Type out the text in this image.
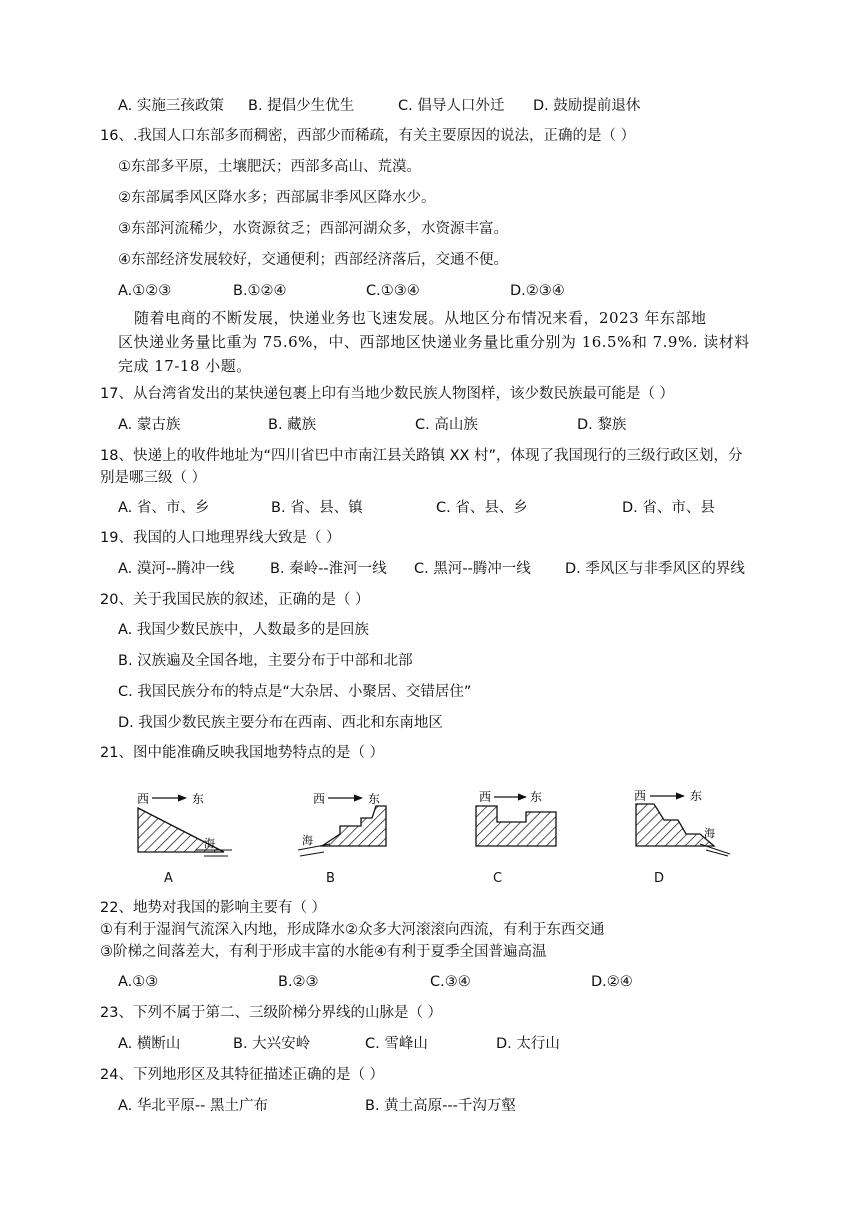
A. 实施三孩政策 B. 提倡少生优生	C. 倡导人口外迁 D. 鼓励提前退休
16、.我国人口东部多而稠密，西部少而稀疏，有关主要原因的说法，正确的是（ ）
①东部多平原，土壤肥沃；西部多高山、荒漠。
②东部属季风区降水多；西部属非季风区降水少。
③东部河流稀少，水资源贫乏；西部河湖众多，水资源丰富。
④东部经济发展较好，交通便利；西部经济落后，交通不便。
A.①②③	B.①②④	C.①③④	D.②③④
随着电商的不断发展，快递业务也飞速发展。从地区分布情况来看，2023 年东部地
区快递业务量比重为 75.6%，中、西部地区快递业务量比重分别为 16.5%和 7.9%. 读材料
完成 17-18 小题。
17、从台湾省发出的某快递包裹上印有当地少数民族人物图样，该少数民族最可能是（ ）
A. 蒙古族	B. 藏族	C. 高山族	D. 黎族
18、快递上的收件地址为“四川省巴中市南江县关路镇 XX 村”，体现了我国现行的三级行政区划，分
别是哪三级（ ）
A. 省、市、乡	B. 省、县、镇	C. 省、县、乡	D. 省、市、县
19、我国的人口地理界线大致是（ ）
A. 漠河--腾冲一线 B. 秦岭--淮河一线 C. 黑河--腾冲一线 D. 季风区与非季风区的界线
20、关于我国民族的叙述，正确的是（ ）
A. 我国少数民族中，人数最多的是回族
B. 汉族遍及全国各地，主要分布于中部和北部
C. 我国民族分布的特点是“大杂居、小聚居、交错居住”
D. 我国少数民族主要分布在西南、西北和东南地区
21、图中能准确反映我国地势特点的是（ ）
西	东
海
西	东
海
西	东	西	东
海
A	B	C	D
22、地势对我国的影响主要有（ ）
①有利于湿润气流深入内地，形成降水②众多大河滚滚向西流，有利于东西交通
③阶梯之间落差大，有利于形成丰富的水能④有利于夏季全国普遍高温
A.①③	B.②③	C.③④	D.②④
23、下列不属于第二、三级阶梯分界线的山脉是（ ）
A. 横断山	B. 大兴安岭	C. 雪峰山	D. 太行山
24、下列地形区及其特征描述正确的是（ ）
A. 华北平原-- 黑土广布	B. 黄土高原---千沟万壑
